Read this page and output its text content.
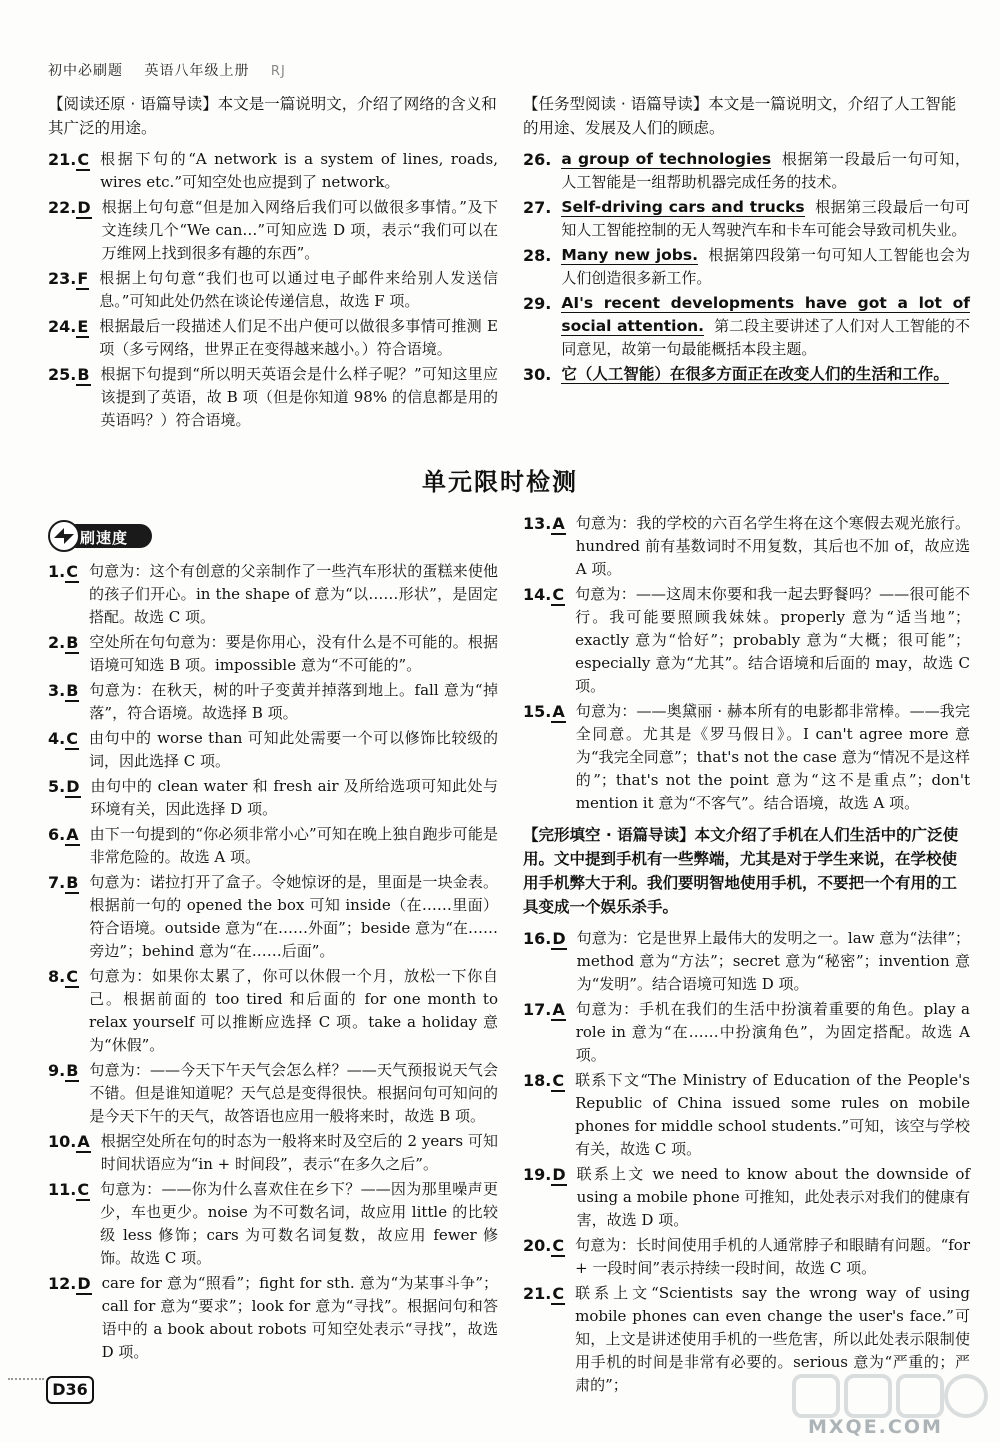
初中必刷题 英语八年级上册 RJ

【阅读还原 · 语篇导读】本文是一篇说明文，介绍了网络的含义和其广泛的用途。

21.C 根据下句的“A network is a system of lines, roads, wires etc.”可知空处也应提到了 network。
22.D 根据上句句意“但是加入网络后我们可以做很多事情。”及下文连续几个“We can…”可知应选 D 项，表示“我们可以在万维网上找到很多有趣的东西”。
23.F 根据上句句意“我们也可以通过电子邮件来给别人发送信息。”可知此处仍然在谈论传递信息，故选 F 项。
24.E 根据最后一段描述人们足不出户便可以做很多事情可推测 E 项（多亏网络，世界正在变得越来越小。）符合语境。
25.B 根据下句提到“所以明天英语会是什么样子呢？”可知这里应该提到了英语，故 B 项（但是你知道 98% 的信息都是用的英语吗？）符合语境。

【任务型阅读 · 语篇导读】本文是一篇说明文，介绍了人工智能的用途、发展及人们的顾虑。

26. a group of technologies 根据第一段最后一句可知，人工智能是一组帮助机器完成任务的技术。
27. Self-driving cars and trucks 根据第三段最后一句可知人工智能控制的无人驾驶汽车和卡车可能会导致司机失业。
28. Many new jobs. 根据第四段第一句可知人工智能也会为人们创造很多新工作。
29. AI's recent developments have got a lot of social attention. 第二段主要讲述了人们对人工智能的不同意见，故第一句最能概括本段主题。
30. 它（人工智能）在很多方面正在改变人们的生活和工作。
单元限时检测
刷速度
1.C 句意为：这个有创意的父亲制作了一些汽车形状的蛋糕来使他的孩子们开心。in the shape of 意为“以……形状”，是固定搭配。故选 C 项。
2.B 空处所在句句意为：要是你用心，没有什么是不可能的。根据语境可知选 B 项。impossible 意为“不可能的”。
3.B 句意为：在秋天，树的叶子变黄并掉落到地上。fall 意为“掉落”，符合语境。故选择 B 项。
4.C 由句中的 worse than 可知此处需要一个可以修饰比较级的词，因此选择 C 项。
5.D 由句中的 clean water 和 fresh air 及所给选项可知此处与环境有关，因此选择 D 项。
6.A 由下一句提到的“你必须非常小心”可知在晚上独自跑步可能是非常危险的。故选 A 项。
7.B 句意为：诺拉打开了盒子。令她惊讶的是，里面是一块金表。根据前一句的 opened the box 可知 inside（在……里面）符合语境。outside 意为“在……外面”；beside 意为“在……旁边”；behind 意为“在……后面”。
8.C 句意为：如果你太累了，你可以休假一个月，放松一下你自己。根据前面的 too tired 和后面的 for one month to relax yourself 可以推断应选择 C 项。take a holiday 意为“休假”。
9.B 句意为：——今天下午天气会怎么样？——天气预报说天气会不错。但是谁知道呢？天气总是变得很快。根据问句可知问的是今天下午的天气，故答语也应用一般将来时，故选 B 项。
10.A 根据空处所在句的时态为一般将来时及空后的 2 years 可知时间状语应为“in + 时间段”，表示“在多久之后”。
11.C 句意为：——你为什么喜欢住在乡下？——因为那里噪声更少，车也更少。noise 为不可数名词，故应用 little 的比较级 less 修饰；cars 为可数名词复数，故应用 fewer 修饰。故选 C 项。
12.D care for 意为“照看”；fight for sth. 意为“为某事斗争”；call for 意为“要求”；look for 意为“寻找”。根据问句和答语中的 a book about robots 可知空处表示“寻找”，故选 D 项。
13.A 句意为：我的学校的六百名学生将在这个寒假去观光旅行。hundred 前有基数词时不用复数，其后也不加 of，故应选 A 项。
14.C 句意为：——这周末你要和我一起去野餐吗？——很可能不行。我可能要照顾我妹妹。properly 意为“适当地”；exactly 意为“恰好”；probably 意为“大概；很可能”；especially 意为“尤其”。结合语境和后面的 may，故选 C 项。
15.A 句意为：——奥黛丽 · 赫本所有的电影都非常棒。——我完全同意。尤其是《罗马假日》。I can't agree more 意为“我完全同意”；that's not the case 意为“情况不是这样的”；that's not the point 意为“这不是重点”；don't mention it 意为“不客气”。结合语境，故选 A 项。

【完形填空 · 语篇导读】本文介绍了手机在人们生活中的广泛使用。文中提到手机有一些弊端，尤其是对于学生来说，在学校使用手机弊大于利。我们要明智地使用手机，不要把一个有用的工具变成一个娱乐杀手。

16.D 句意为：它是世界上最伟大的发明之一。law 意为“法律”；method 意为“方法”；secret 意为“秘密”；invention 意为“发明”。结合语境可知选 D 项。
17.A 句意为：手机在我们的生活中扮演着重要的角色。play a role in 意为“在……中扮演角色”，为固定搭配。故选 A 项。
18.C 联系下文“The Ministry of Education of the People's Republic of China issued some rules on mobile phones for middle school students.”可知，该空与学校有关，故选 C 项。
19.D 联系上文 we need to know about the downside of using a mobile phone 可推知，此处表示对我们的健康有害，故选 D 项。
20.C 句意为：长时间使用手机的人通常脖子和眼睛有问题。“for + 一段时间”表示持续一段时间，故选 C 项。
21.C 联系上文“Scientists say the wrong way of using mobile phones can even change the user's face.”可知，上文是讲述使用手机的一些危害，所以此处表示限制使用手机的时间是非常有必要的。serious 意为“严重的；严肃的”；
D36
MXQE.COM
